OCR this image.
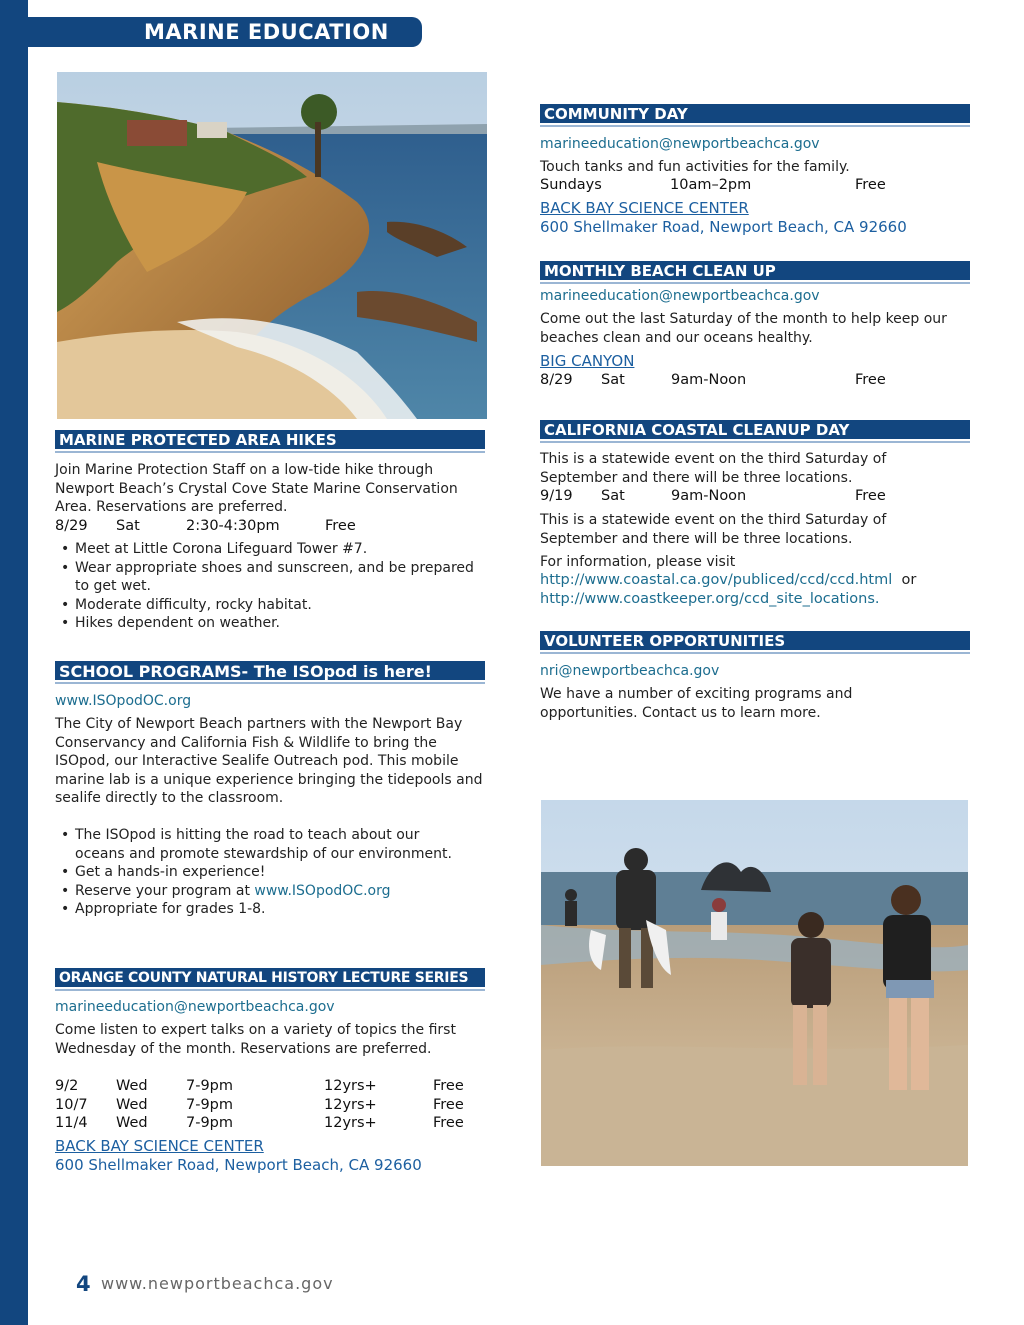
MARINE EDUCATION
MARINE PROTECTED AREA HIKES

Join Marine Protection Staff on a low-tide hike through Newport Beach’s Crystal Cove State Marine Conservation Area. Reservations are preferred.

8/29 Sat	2:30-4:30pm	Free
• Meet at Little Corona Lifeguard Tower #7.
• Wear appropriate shoes and sunscreen, and be prepared to get wet.
• Moderate difficulty, rocky habitat.
• Hikes dependent on weather.
SCHOOL PROGRAMS- The ISOpod is here!
www.ISOpodOC.org

The City of Newport Beach partners with the Newport Bay Conservancy and California Fish & Wildlife to bring the ISOpod, our Interactive Sealife Outreach pod. This mobile marine lab is a unique experience bringing the tidepools and sealife directly to the classroom.

• The ISOpod is hitting the road to teach about our oceans and promote stewardship of our environment.
• Get a hands-in experience!
• Reserve your program at www.ISOpodOC.org
• Appropriate for grades 1-8.
ORANGE COUNTY NATURAL HISTORY LECTURE SERIES
marineeducation@newportbeachca.gov

Come listen to expert talks on a variety of topics the first Wednesday of the month. Reservations are preferred.

9/2	Wed	7-9pm	12yrs+	Free
10/7 Wed	7-9pm	12yrs+	Free
11/4 Wed	7-9pm	12yrs+	Free
BACK BAY SCIENCE CENTER
600 Shellmaker Road, Newport Beach, CA 92660
COMMUNITY DAY
marineeducation@newportbeachca.gov

Touch tanks and fun activities for the family.

Sundays	10am–2pm	Free
BACK BAY SCIENCE CENTER
600 Shellmaker Road, Newport Beach, CA 92660
MONTHLY BEACH CLEAN UP
marineeducation@newportbeachca.gov

Come out the last Saturday of the month to help keep our beaches clean and our oceans healthy.

BIG CANYON
8/29 Sat	9am-Noon	Free
CALIFORNIA COASTAL CLEANUP DAY

This is a statewide event on the third Saturday of September and there will be three locations.

9/19 Sat	9am-Noon	Free

This is a statewide event on the third Saturday of September and there will be three locations.

For information, please visit

http://www.coastal.ca.gov/publiced/ccd/ccd.html or
http://www.coastkeeper.org/ccd_site_locations.
VOLUNTEER OPPORTUNITIES
nri@newportbeachca.gov

We have a number of exciting programs and opportunities. Contact us to learn more.

4 www.newportbeachca.gov
